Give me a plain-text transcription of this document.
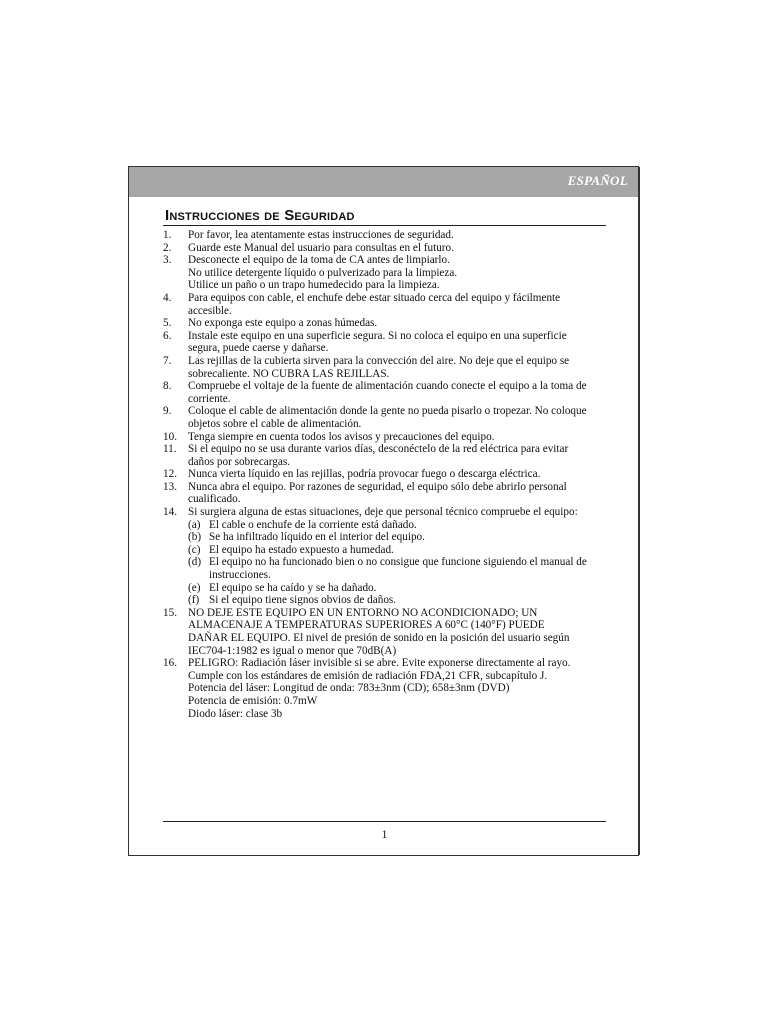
ESPAÑOL
Instrucciones de Seguridad
1. Por favor, lea atentamente estas instrucciones de seguridad.
2. Guarde este Manual del usuario para consultas en el futuro.
3. Desconecte el equipo de la toma de CA antes de limpiarlo.
No utilice detergente líquido o pulverizado para la limpieza.
Utilice un paño o un trapo humedecido para la limpieza.
4. Para equipos con cable, el enchufe debe estar situado cerca del equipo y fácilmente
accesible.
5. No exponga este equipo a zonas húmedas.
6. Instale este equipo en una superficie segura. Si no coloca el equipo en una superficie
segura, puede caerse y dañarse.
7. Las rejillas de la cubierta sirven para la convección del aire. No deje que el equipo se
sobrecaliente. NO CUBRA LAS REJILLAS.
8. Compruebe el voltaje de la fuente de alimentación cuando conecte el equipo a la toma de
corriente.
9. Coloque el cable de alimentación donde la gente no pueda pisarlo o tropezar. No coloque
objetos sobre el cable de alimentación.
10. Tenga siempre en cuenta todos los avisos y precauciones del equipo.
11. Si el equipo no se usa durante varios días, desconéctelo de la red eléctrica para evitar
daños por sobrecargas.
12. Nunca vierta líquido en las rejillas, podría provocar fuego o descarga eléctrica.
13. Nunca abra el equipo. Por razones de seguridad, el equipo sólo debe abrirlo personal
cualificado.
14. Si surgiera alguna de estas situaciones, deje que personal técnico compruebe el equipo:
(a) El cable o enchufe de la corriente está dañado.
(b) Se ha infiltrado líquido en el interior del equipo.
(c) El equipo ha estado expuesto a humedad.
(d) El equipo no ha funcionado bien o no consigue que funcione siguiendo el manual de
instrucciones.
(e) El equipo se ha caído y se ha dañado.
(f) Si el equipo tiene signos obvios de daños.
15. NO DEJE ESTE EQUIPO EN UN ENTORNO NO ACONDICIONADO; UN
ALMACENAJE A TEMPERATURAS SUPERIORES A 60°C (140°F) PUEDE
DAÑAR EL EQUIPO. El nivel de presión de sonido en la posición del usuario según
IEC704-1:1982 es igual o menor que 70dB(A)
16. PELIGRO: Radiación láser invisible si se abre. Evite exponerse directamente al rayo.
Cumple con los estándares de emisión de radiación FDA,21 CFR, subcapítulo J.
Potencia del láser: Longitud de onda: 783±3nm (CD); 658±3nm (DVD)
Potencia de emisión: 0.7mW
Diodo láser: clase 3b
1
